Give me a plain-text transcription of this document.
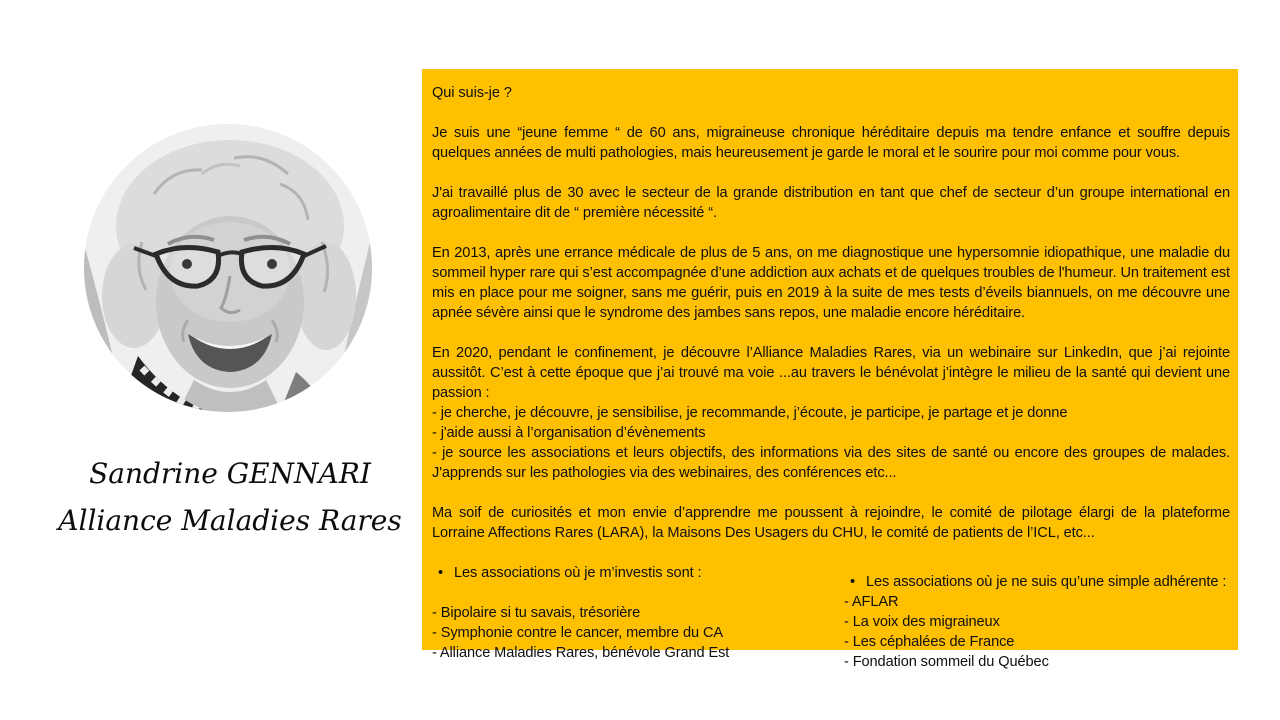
Sandrine GENNARI
Alliance Maladies Rares

Qui suis-je ?

Je suis une “jeune femme “ de 60 ans, migraineuse chronique héréditaire depuis ma tendre enfance et souffre depuis quelques années de multi pathologies, mais heureusement je garde le moral et le sourire pour moi comme pour vous.

J'ai travaillé plus de 30 avec le secteur de la grande distribution en tant que chef de secteur d’un groupe international en agroalimentaire dit de “ première nécessité “.

En 2013, après une errance médicale de plus de 5 ans, on me diagnostique une hypersomnie idiopathique, une maladie du sommeil hyper rare qui s’est accompagnée d’une addiction aux achats et de quelques troubles de l'humeur. Un traitement est mis en place pour me soigner, sans me guérir, puis en 2019 à la suite de mes tests d’éveils biannuels, on me découvre une apnée sévère ainsi que le syndrome des jambes sans repos, une maladie encore héréditaire.

En 2020, pendant le confinement, je découvre l’Alliance Maladies Rares, via un webinaire sur LinkedIn, que j’ai rejointe aussitôt. C’est à cette époque que j’ai trouvé ma voie ...au travers le bénévolat j’intègre le milieu de la santé qui devient une passion :

- je cherche, je découvre, je sensibilise, je recommande, j’écoute, je participe, je partage et je donne

- j'aide aussi à l’organisation d’évènements

- je source les associations et leurs objectifs, des informations via des sites de santé ou encore des groupes de malades. J'apprends sur les pathologies via des webinaires, des conférences etc...

Ma soif de curiosités et mon envie d’apprendre me poussent à rejoindre, le comité de pilotage élargi de la plateforme Lorraine Affections Rares (LARA), la Maisons Des Usagers du CHU, le comité de patients de l’ICL, etc...

• Les associations où je m’investis sont :

- Bipolaire si tu savais, trésorière

- Symphonie contre le cancer, membre du CA

- Alliance Maladies Rares, bénévole Grand Est

• Les associations où je ne suis qu’une simple adhérente :

- AFLAR

- La voix des migraineux

- Les céphalées de France

- Fondation sommeil du Québec
